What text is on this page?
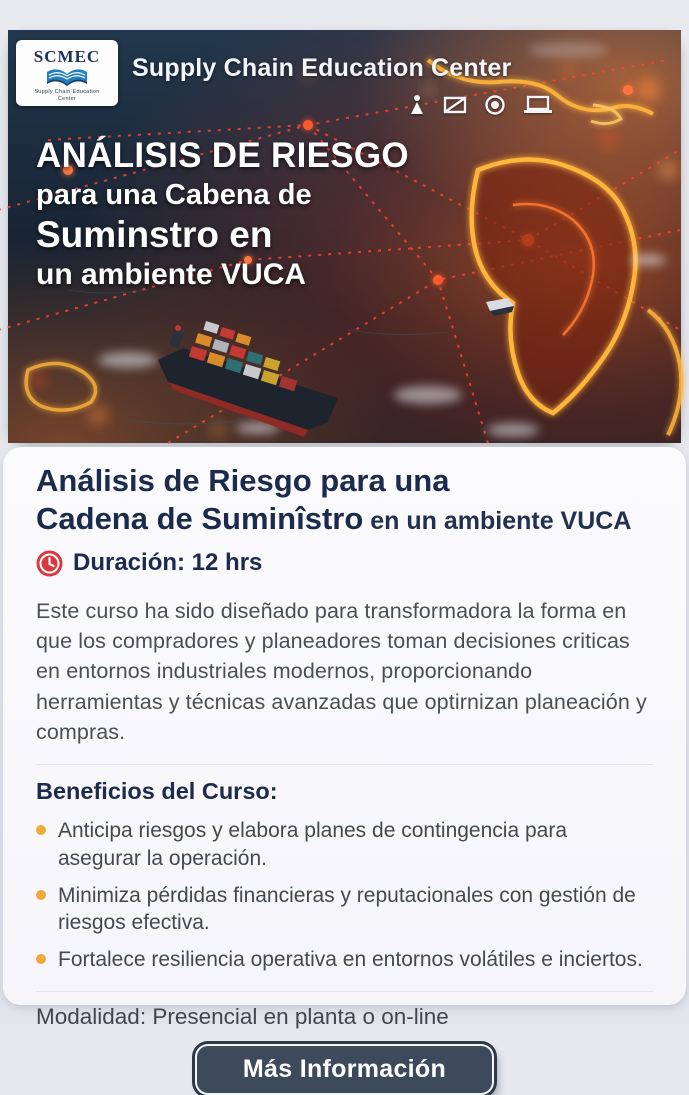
SCMEC
Supply Chain Education
Center
Supply Chain Education Center
ANÁLISIS DE RIESGO
para una Cabena de
Suminstro en
un ambiente VUCA
Análisis de Riesgo para una
Cadena de Suminîstro en un ambiente VUCA
Duración: 12 hrs

Este curso ha sido diseñado para transformadora la forma en que los compradores y planeadores toman decisiones criticas en entornos industriales modernos, proporcionando herramientas y técnicas avanzadas que optirnizan planeación y compras.

Beneficios del Curso:
Anticipa riesgos y elabora planes de contingencia para asegurar la operación.
Minimiza pérdidas financieras y reputacionales con gestión de riesgos efectiva.
Fortalece resiliencia operativa en entornos volátiles e inciertos.
Modalidad: Presencial en planta o on-line
Más Información
